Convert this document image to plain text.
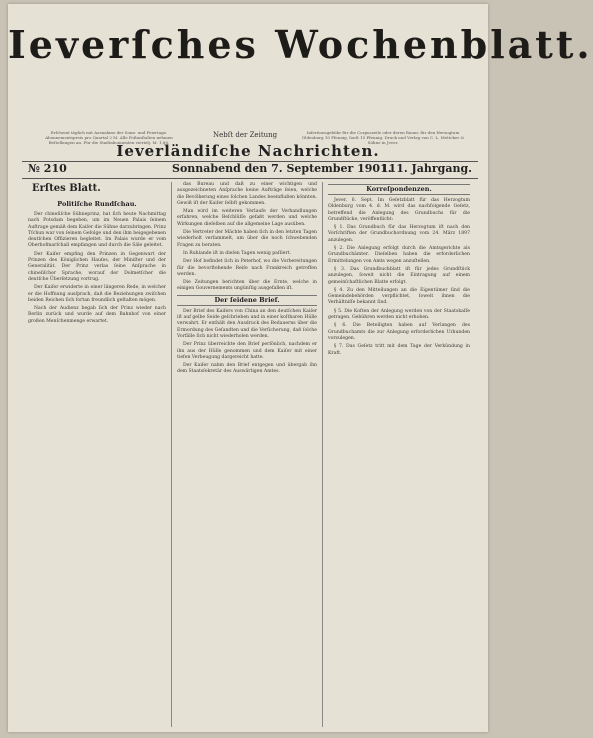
Ieverſches Wochenblatt.
Erſcheint täglich mit Ausnahme der Sonn- und Feiertage. Abonnementspreis pro Quartal 2 M. Alle Poſtanſtalten nehmen Beſtellungen an. Für die Stadtabonnenten viertelj. M. 1,80.
Nebſt der Zeitung	Inſertionsgebühr für die Corpuszeile oder deren Raum: für den Herzogtum Oldenburg 10 Pfennig, ſonſt 15 Pfennig. Druck und Verlag von C. L. Mettcker & Söhne in Jever.
Ieverländiſche Nachrichten.
№ 210	Sonnabend den 7. September 1901.
111. Jahrgang.
Erſtes Blatt.
Politiſche Rundſchau.

Der chineſiſche Sühneprinz, hat ſich heute Nachmittag nach Potsdam begeben, um im Neuen Palais ſeinem Auftrage gemäß dem Kaiſer die Sühne darzubringen. Prinz Tſchun war von ſeinem Gefolge und den ihm beigegebenen deutſchen Offizieren begleitet. Im Palais wurde er vom Oberhofmarſchall empfangen und durch die Säle geleitet.

Der Kaiſer empfing den Prinzen in Gegenwart der Prinzen des Königlichen Hauſes, der Miniſter und der Generalität. Der Prinz verlas ſeine Anſprache in chineſiſcher Sprache, worauf der Dolmetſcher die deutſche Überſetzung vortrug.

Der Kaiſer erwiderte in einer längeren Rede, in welcher er die Hoffnung ausſprach, daß die Beziehungen zwiſchen beiden Reichen ſich fortan freundlich geſtalten mögen.

Nach der Audienz begab ſich der Prinz wieder nach Berlin zurück und wurde auf dem Bahnhof von einer großen Menſchenmenge erwartet.

das Bureau und daß zu einer wichtigen und ausgezeichneten Anſprache keine Aufträge ſeien, welche die Bevölkerung eines ſolchen Landes beeinflußen könnten. Gewiß iſt der Kaiſer ſelbſt gekommen.

Man wird im weiteren Verlaufe der Verhandlungen erfahren, welche Beſchlüſſe gefaßt werden und welche Wirkungen dieſelben auf die allgemeine Lage ausüben.

Die Vertreter der Mächte haben ſich in den letzten Tagen wiederholt verſammelt, um über die noch ſchwebenden Fragen zu beraten.

In Ruhlande iſt in dieſen Tagen wenig paſſiert.

Der Hof befindet ſich in Peterhof, wo die Vorbereitungen für die bevorſtehende Reiſe nach Frankreich getroffen werden.

Die Zeitungen berichten über die Ernte, welche in einigen Gouvernements ungünſtig ausgefallen iſt.

Der ſeidene Brief.

Der Brief des Kaiſers von China an den deutſchen Kaiſer iſt auf gelbe Seide geſchrieben und in einer koſtbaren Hülle verwahrt. Er enthält den Ausdruck des Bedauerns über die Ermordung des Geſandten und die Verſicherung, daß ſolche Vorfälle ſich nicht wiederholen werden.

Der Prinz überreichte den Brief perſönlich, nachdem er ihn aus der Hülle genommen und dem Kaiſer mit einer tiefen Verbeugung dargereicht hatte.

Der Kaiſer nahm den Brief entgegen und übergab ihn dem Staatsſekretär des Auswärtigen Amtes.

Korreſpondenzen.

Jever, 6. Sept. Im Geſetzblatt für das Herzogtum Oldenburg vom 4. d. M. wird das nachfolgende Geſetz, betreffend die Anlegung des Grundbuchs für die Grundſtücke, veröffentlicht:

§ 1. Das Grundbuch für das Herzogtum iſt nach den Vorſchriften der Grundbuchordnung vom 24. März 1897 anzulegen.

§ 2. Die Anlegung erfolgt durch die Amtsgerichte als Grundbuchämter. Dieſelben haben die erforderlichen Ermittelungen von Amts wegen anzuſtellen.

§ 3. Das Grundbuchblatt iſt für jedes Grundſtück anzulegen, ſoweit nicht die Eintragung auf einem gemeinſchaftlichen Blatte erfolgt.

§ 4. Zu den Mitteilungen an die Eigentümer ſind die Gemeindebehörden verpflichtet, ſoweit ihnen die Verhältniſſe bekannt ſind.

§ 5. Die Koſten der Anlegung werden von der Staatskaſſe getragen. Gebühren werden nicht erhoben.

§ 6. Die Beteiligten haben auf Verlangen des Grundbuchamts die zur Anlegung erforderlichen Urkunden vorzulegen.

§ 7. Das Geſetz tritt mit dem Tage der Verkündung in Kraft.
